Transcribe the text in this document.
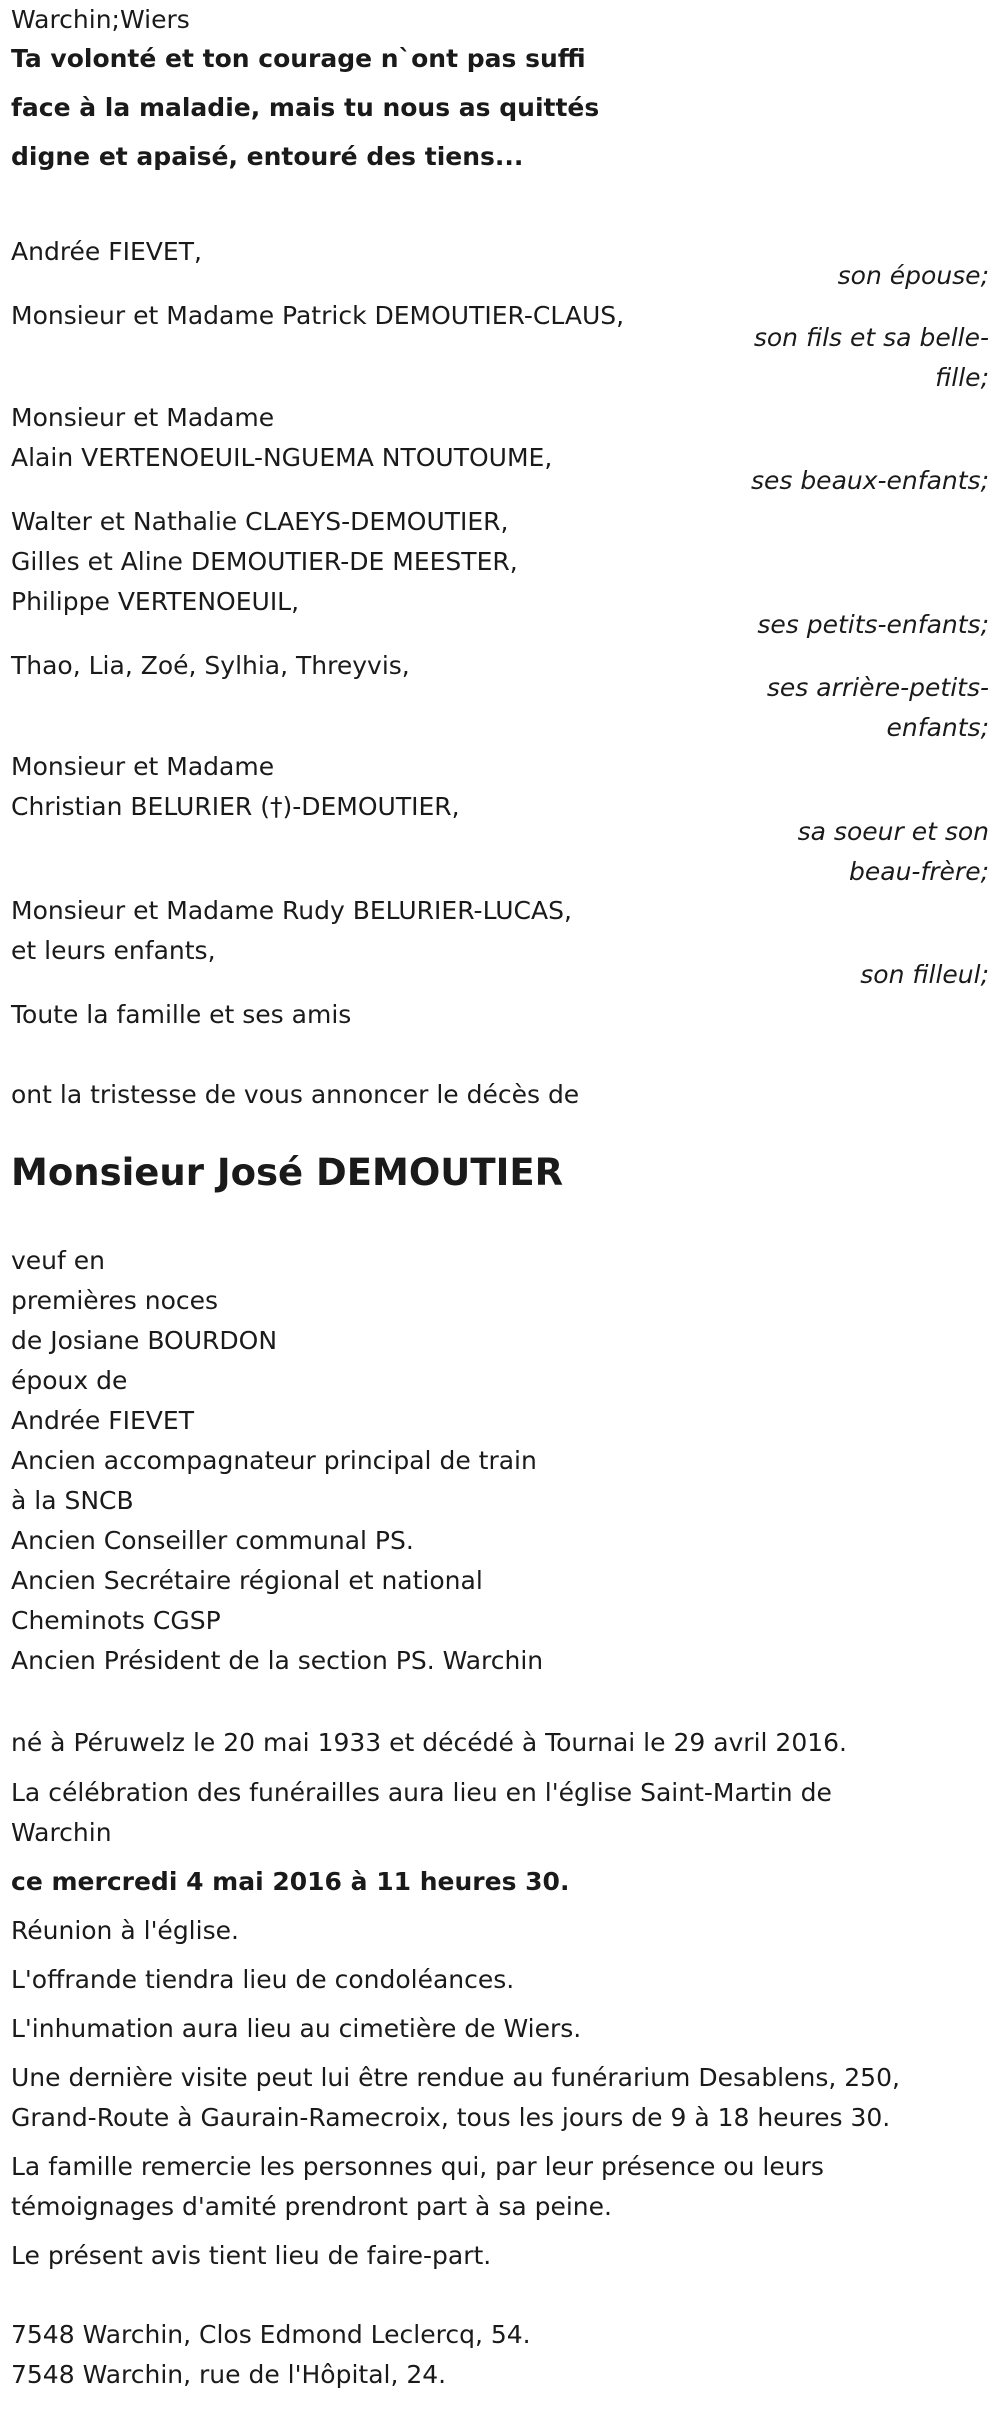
Warchin;Wiers
Ta volonté et ton courage n`ont pas suffi
face à la maladie, mais tu nous as quittés
digne et apaisé, entouré des tiens...
Andrée FIEVET,
son épouse;
Monsieur et Madame Patrick DEMOUTIER-CLAUS,
son fils et sa belle-fille;
Monsieur et Madame
Alain VERTENOEUIL-NGUEMA NTOUTOUME,
ses beaux-enfants;
Walter et Nathalie CLAEYS-DEMOUTIER,
Gilles et Aline DEMOUTIER-DE MEESTER,
Philippe VERTENOEUIL,
ses petits-enfants;
Thao, Lia, Zoé, Sylhia, Threyvis,
ses arrière-petits-enfants;
Monsieur et Madame
Christian BELURIER (†)-DEMOUTIER,
sa soeur et son beau-frère;
Monsieur et Madame Rudy BELURIER-LUCAS,
et leurs enfants,
son filleul;
Toute la famille et ses amis
ont la tristesse de vous annoncer le décès de
Monsieur José DEMOUTIER
veuf en
premières noces
de Josiane BOURDON
époux de
Andrée FIEVET
Ancien accompagnateur principal de train
à la SNCB
Ancien Conseiller communal PS.
Ancien Secrétaire régional et national
Cheminots CGSP
Ancien Président de la section PS. Warchin
né à Péruwelz le 20 mai 1933 et décédé à Tournai le 29 avril 2016.
La célébration des funérailles aura lieu en l'église Saint-Martin de
Warchin
ce mercredi 4 mai 2016 à 11 heures 30.
Réunion à l'église.
L'offrande tiendra lieu de condoléances.
L'inhumation aura lieu au cimetière de Wiers.
Une dernière visite peut lui être rendue au funérarium Desablens, 250,
Grand-Route à Gaurain-Ramecroix, tous les jours de 9 à 18 heures 30.
La famille remercie les personnes qui, par leur présence ou leurs
témoignages d'amité prendront part à sa peine.
Le présent avis tient lieu de faire-part.
7548 Warchin, Clos Edmond Leclercq, 54.
7548 Warchin, rue de l'Hôpital, 24.
